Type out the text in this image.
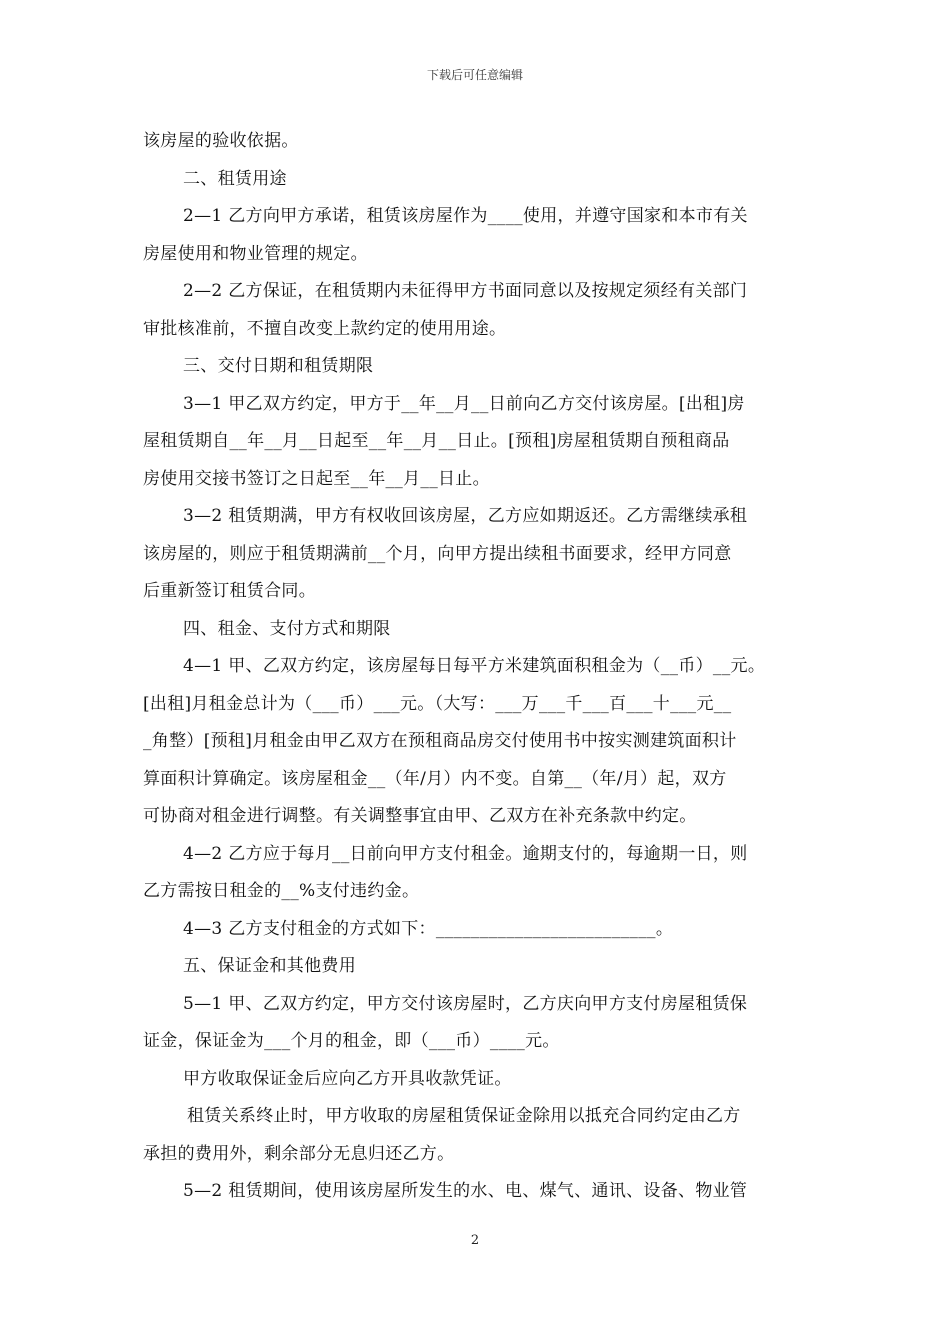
下载后可任意编辑
该房屋的验收依据。
二、租赁用途
2—1 乙方向甲方承诺，租赁该房屋作为____使用，并遵守国家和本市有关
房屋使用和物业管理的规定。
2—2 乙方保证，在租赁期内未征得甲方书面同意以及按规定须经有关部门
审批核准前，不擅自改变上款约定的使用用途。
三、交付日期和租赁期限
3—1 甲乙双方约定，甲方于__年__月__日前向乙方交付该房屋。[出租]房
屋租赁期自__年__月__日起至__年__月__日止。[预租]房屋租赁期自预租商品
房使用交接书签订之日起至__年__月__日止。
3—2 租赁期满，甲方有权收回该房屋，乙方应如期返还。乙方需继续承租
该房屋的，则应于租赁期满前__个月，向甲方提出续租书面要求，经甲方同意
后重新签订租赁合同。
四、租金、支付方式和期限
4—1 甲、乙双方约定，该房屋每日每平方米建筑面积租金为（__币）__元。
[出租]月租金总计为（___币）___元。（大写：___万___千___百___十___元__
_角整）[预租]月租金由甲乙双方在预租商品房交付使用书中按实测建筑面积计
算面积计算确定。该房屋租金__（年/月）内不变。自第__（年/月）起，双方
可协商对租金进行调整。有关调整事宜由甲、乙双方在补充条款中约定。
4—2 乙方应于每月__日前向甲方支付租金。逾期支付的，每逾期一日，则
乙方需按日租金的__%支付违约金。
4—3 乙方支付租金的方式如下：_________________________。
五、保证金和其他费用
5—1 甲、乙双方约定，甲方交付该房屋时，乙方庆向甲方支付房屋租赁保
证金，保证金为___个月的租金，即（___币）____元。
甲方收取保证金后应向乙方开具收款凭证。
租赁关系终止时，甲方收取的房屋租赁保证金除用以抵充合同约定由乙方
承担的费用外，剩余部分无息归还乙方。
5—2 租赁期间，使用该房屋所发生的水、电、煤气、通讯、设备、物业管
2
